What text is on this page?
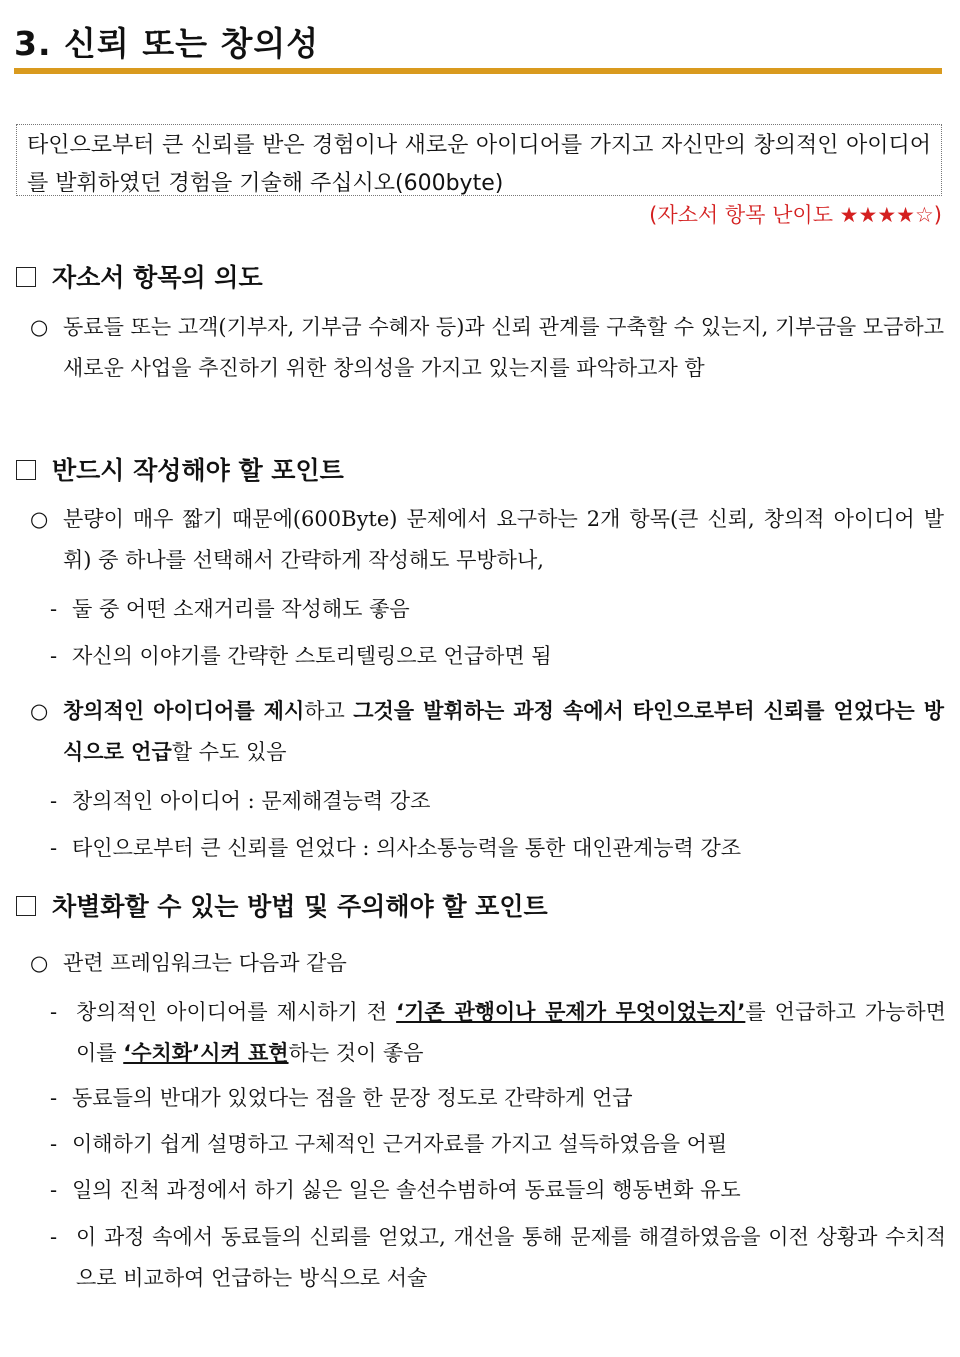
3. 신뢰 또는 창의성
타인으로부터 큰 신뢰를 받은 경험이나 새로운 아이디어를 가지고 자신만의 창의적인 아이디어를 발휘하였던 경험을 기술해 주십시오(600byte)
(자소서 항목 난이도 ★★★★☆)
자소서 항목의 의도
○ 동료들 또는 고객(기부자, 기부금 수혜자 등)과 신뢰 관계를 구축할 수 있는지, 기부금을 모금하고 새로운 사업을 추진하기 위한 창의성을 가지고 있는지를 파악하고자 함
반드시 작성해야 할 포인트
○ 분량이 매우 짧기 때문에(600Byte) 문제에서 요구하는 2개 항목(큰 신뢰, 창의적 아이디어 발휘) 중 하나를 선택해서 간략하게 작성해도 무방하나,
- 둘 중 어떤 소재거리를 작성해도 좋음
- 자신의 이야기를 간략한 스토리텔링으로 언급하면 됨
○ 창의적인 아이디어를 제시하고 그것을 발휘하는 과정 속에서 타인으로부터 신뢰를 얻었다는 방식으로 언급할 수도 있음
- 창의적인 아이디어 : 문제해결능력 강조
- 타인으로부터 큰 신뢰를 얻었다 : 의사소통능력을 통한 대인관계능력 강조
차별화할 수 있는 방법 및 주의해야 할 포인트
○ 관련 프레임워크는 다음과 같음
- 창의적인 아이디어를 제시하기 전 ‘기존 관행이나 문제가 무엇이었는지’를 언급하고 가능하면 이를 ‘수치화’시켜 표현하는 것이 좋음
- 동료들의 반대가 있었다는 점을 한 문장 정도로 간략하게 언급
- 이해하기 쉽게 설명하고 구체적인 근거자료를 가지고 설득하였음을 어필
- 일의 진척 과정에서 하기 싫은 일은 솔선수범하여 동료들의 행동변화 유도
- 이 과정 속에서 동료들의 신뢰를 얻었고, 개선을 통해 문제를 해결하였음을 이전 상황과 수치적으로 비교하여 언급하는 방식으로 서술
